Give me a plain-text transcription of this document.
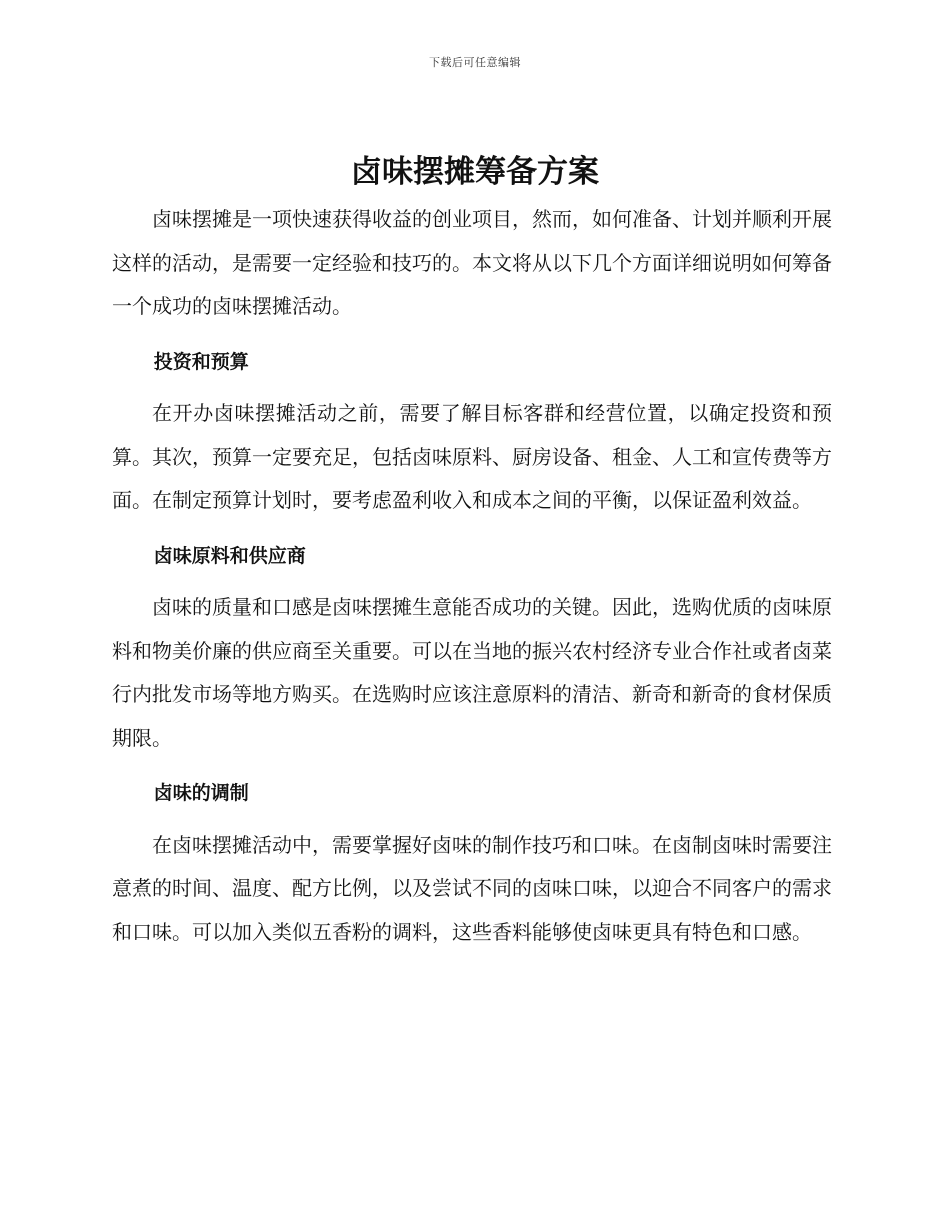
下载后可任意编辑
卤味摆摊筹备方案

卤味摆摊是一项快速获得收益的创业项目，然而，如何准备、计划并顺利开展这样的活动，是需要一定经验和技巧的。本文将从以下几个方面详细说明如何筹备一个成功的卤味摆摊活动。

投资和预算

在开办卤味摆摊活动之前，需要了解目标客群和经营位置，以确定投资和预算。其次，预算一定要充足，包括卤味原料、厨房设备、租金、人工和宣传费等方面。在制定预算计划时，要考虑盈利收入和成本之间的平衡，以保证盈利效益。

卤味原料和供应商

卤味的质量和口感是卤味摆摊生意能否成功的关键。因此，选购优质的卤味原料和物美价廉的供应商至关重要。可以在当地的振兴农村经济专业合作社或者卤菜行内批发市场等地方购买。在选购时应该注意原料的清洁、新奇和新奇的食材保质期限。

卤味的调制

在卤味摆摊活动中，需要掌握好卤味的制作技巧和口味。在卤制卤味时需要注意煮的时间、温度、配方比例，以及尝试不同的卤味口味，以迎合不同客户的需求和口味。可以加入类似五香粉的调料，这些香料能够使卤味更具有特色和口感。
